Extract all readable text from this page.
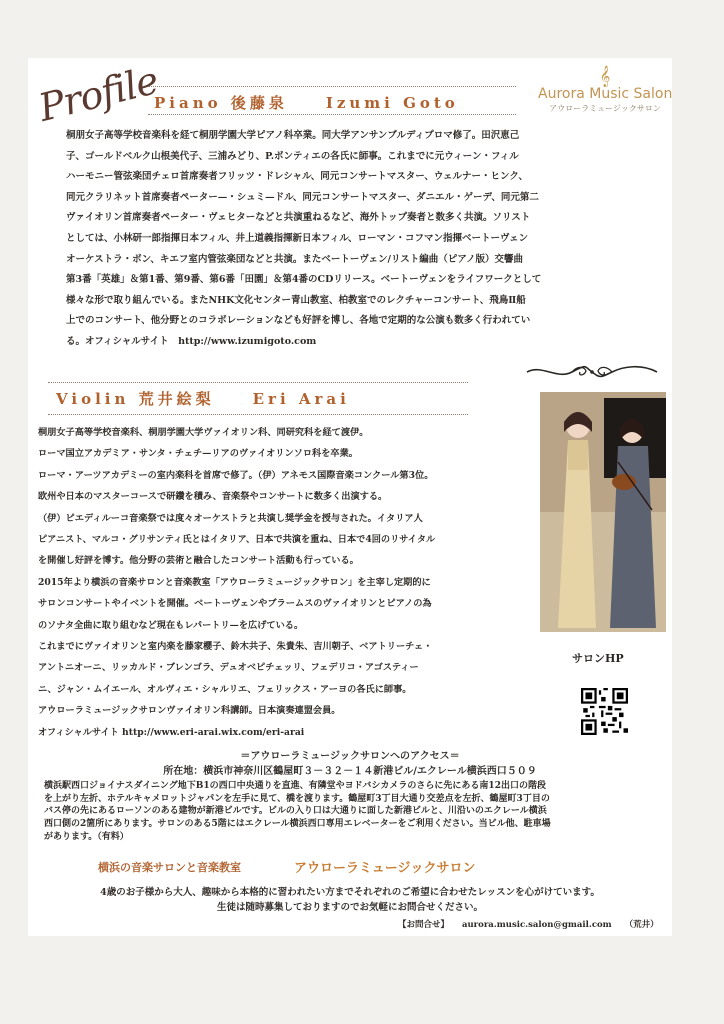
Profile
Piano 後藤泉　　Izumi Goto
𝄞
Aurora Music Salon
アウローラミュージックサロン

桐朋女子高等学校音楽科を経て桐朋学園大学ピアノ科卒業。同大学アンサンブルディプロマ修了。田沢恵己

子、ゴールドベルク山根美代子、三浦みどり、P.ボンティエの各氏に師事。これまでに元ウィーン・フィル

ハーモニー管弦楽団チェロ首席奏者フリッツ・ドレシャル、同元コンサートマスター、ウェルナー・ヒンク、

同元クラリネット首席奏者ペーター—・シュミ—ドル、同元コンサートマスター、ダニエル・ゲーデ、同元第二

ヴァイオリン首席奏者ペーター・ヴェヒターなどと共演重ねるなど、海外トップ奏者と数多く共演。ソリスト

としては、小林研一郎指揮日本フィル、井上道義指揮新日本フィル、ローマン・コフマン指揮ベートーヴェン

オーケストラ・ボン、キエフ室内管弦楽団などと共演。またベートーヴェン/リスト編曲（ピアノ版）交響曲

第3番「英雄」＆第1番、第9番、第6番「田園」＆第4番のCDリリース。ベートーヴェンをライフワークとして

様々な形で取り組んでいる。またNHK文化センター青山教室、柏教室でのレクチャーコンサート、飛鳥Ⅱ船

上でのコンサート、他分野とのコラボレーションなども好評を博し、各地で定期的な公演も数多く行われてい

る。オフィシャルサイト　http://www.izumigoto.com

Violin 荒井絵梨　　Eri Arai

桐朋女子高等学校音楽科、桐朋学園大学ヴァイオリン科、同研究科を経て渡伊。

ローマ国立アカデミア・サンタ・チェチ—リアのヴァイオリンソロ科を卒業。

ローマ・アーツアカデミーの室内楽科を首席で修了。（伊）アネモス国際音楽コンクール第3位。

欧州や日本のマスターコースで研鑽を積み、音楽祭やコンサートに数多く出演する。

（伊）ピエディルーコ音楽祭では度々オーケストラと共演し奨学金を授与された。イタリア人

ピアニスト、マルコ・グリサンティ氏とはイタリア、日本で共演を重ね、日本で4回のリサイタル

を開催し好評を博す。他分野の芸術と融合したコンサート活動も行っている。

2015年より横浜の音楽サロンと音楽教室「アウローラミュージックサロン」を主宰し定期的に

サロンコンサートやイベントを開催。ベートーヴェンやブラームスのヴァイオリンとピアノの為

のソナタ全曲に取り組むなど現在もレパートリ—を広げている。

これまでにヴァイオリンと室内楽を藤家櫻子、鈴木共子、朱貴朱、吉川朝子、ベアトリーチェ・

アントニオーニ、リッカルド・ブレンゴラ、デュオベピチェッリ、フェデリコ・アゴスティー

ニ、ジャン・ムイエール、オルヴィエ・シャルリエ、フェリックス・アーヨの各氏に師事。

アウローラミュージックサロンヴァイオリン科講師。日本演奏連盟会員。

オフィシャルサイト http://www.eri-arai.wix.com/eri-arai

サロンHP

＝アウローラミュージックサロンへのアクセス＝

所在地：横浜市神奈川区鶴屋町３－３２－１４新港ビル/エクレール横浜西口５０９

横浜駅西口ジョイナスダイニング地下B1の西口中央通りを直進、有隣堂やヨドバシカメラのさらに先にある南12出口の階段

を上がり左折、ホテルキャメロットジャパンを左手に見て、橋を渡ります。鶴屋町3丁目大通り交差点を左折、鶴屋町3丁目の

バス停の先にあるローソンのある建物が新港ビルです。ビルの入り口は大通りに面した新港ビルと、川沿いのエクレール横浜

西口側の2箇所にあります。サロンのある5階にはエクレール横浜西口専用エレベーターをご利用ください。当ビル他、駐車場

があります。（有料）

横浜の音楽サロンと音楽教室	アウローラミュージックサロン

4歳のお子様から大人、趣味から本格的に習われたい方までそれぞれのご希望に合わせたレッスンを心がけています。

生徒は随時募集しておりますのでお気軽にお問合せください。

【お問合せ】 aurora.music.salon@gmail.com （荒井）
